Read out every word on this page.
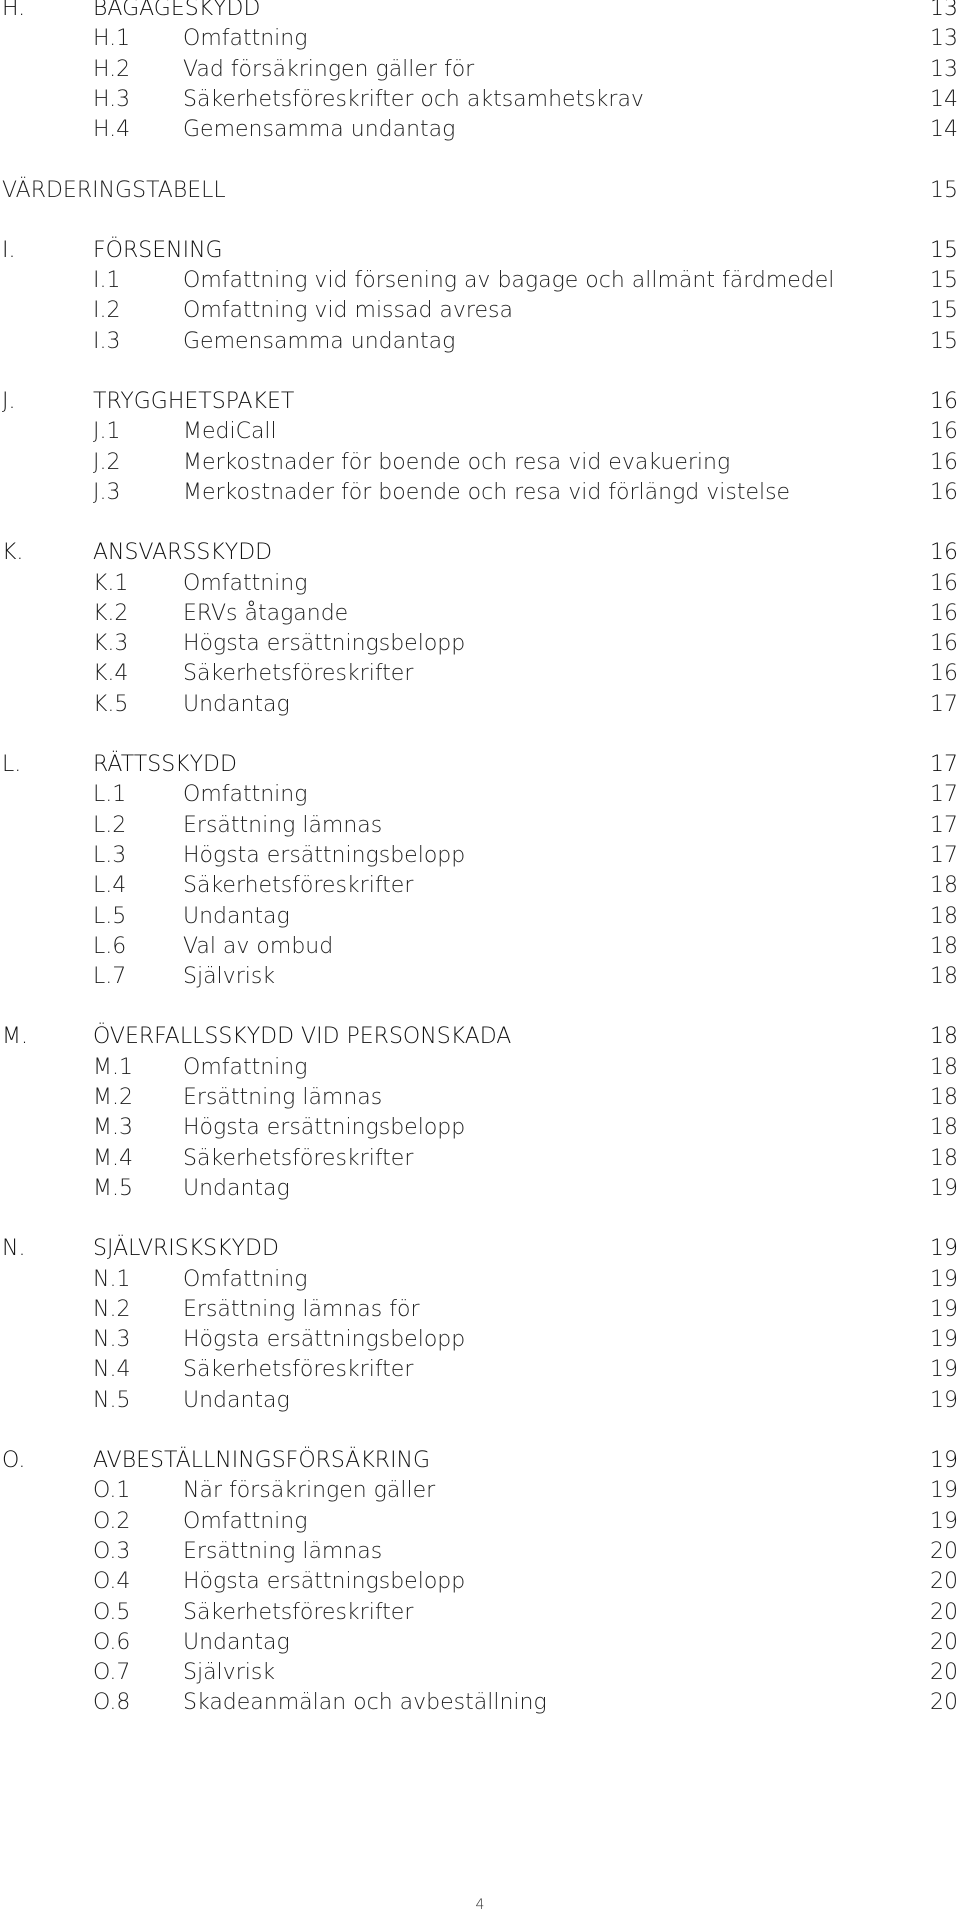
H.	BAGAGESKYDD	13
H.1 Omfattning	13
H.2 Vad försäkringen gäller för	13
H.3 Säkerhetsföreskrifter och aktsamhetskrav	14
H.4 Gemensamma undantag	14
VÄRDERINGSTABELL	15
I.	FÖRSENING	15
I.1	Omfattning vid försening av bagage och allmänt färdmedel	15
I.2	Omfattning vid missad avresa	15
I.3	Gemensamma undantag	15
J.	TRYGGHETSPAKET	16
J.1	MediCall	16
J.2	Merkostnader för boende och resa vid evakuering	16
J.3	Merkostnader för boende och resa vid förlängd vistelse	16
K.	ANSVARSSKYDD	16
K.1 Omfattning	16
K.2 ERVs åtagande	16
K.3 Högsta ersättningsbelopp	16
K.4 Säkerhetsföreskrifter	16
K.5 Undantag	17
L.	RÄTTSSKYDD	17
L.1	Omfattning	17
L.2	Ersättning lämnas	17
L.3	Högsta ersättningsbelopp	17
L.4	Säkerhetsföreskrifter	18
L.5	Undantag	18
L.6	Val av ombud	18
L.7	Självrisk	18
M.	ÖVERFALLSSKYDD VID PERSONSKADA	18
M.1 Omfattning	18
M.2 Ersättning lämnas	18
M.3 Högsta ersättningsbelopp	18
M.4 Säkerhetsföreskrifter	18
M.5 Undantag	19
N.	SJÄLVRISKSKYDD	19
N.1 Omfattning	19
N.2 Ersättning lämnas för	19
N.3 Högsta ersättningsbelopp	19
N.4 Säkerhetsföreskrifter	19
N.5 Undantag	19
O.	AVBESTÄLLNINGSFÖRSÄKRING	19
O.1 När försäkringen gäller	19
O.2 Omfattning	19
O.3 Ersättning lämnas	20
O.4 Högsta ersättningsbelopp	20
O.5 Säkerhetsföreskrifter	20
O.6 Undantag	20
O.7 Självrisk	20
O.8 Skadeanmälan och avbeställning	20
4
